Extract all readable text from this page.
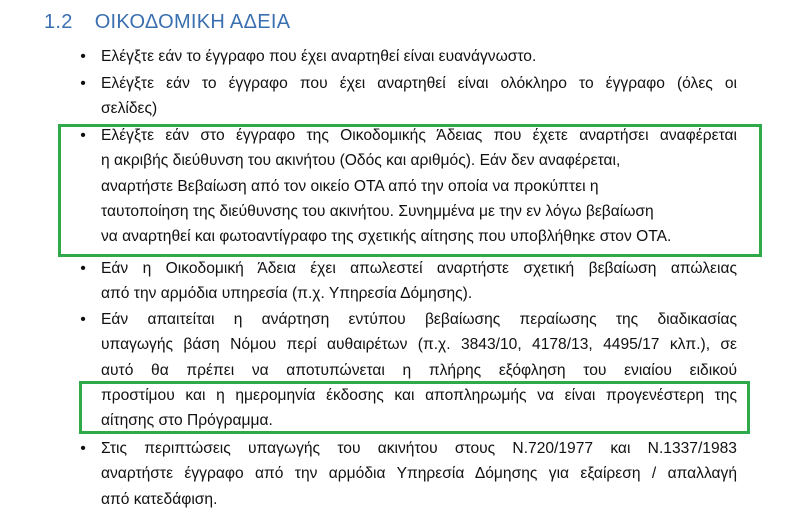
1.2 ΟΙΚΟΔΟΜΙΚΗ ΑΔΕΙΑ
• Ελέγξτε εάν το έγγραφο που έχει αναρτηθεί είναι ευανάγνωστο.
• Ελέγξτε εάν το έγγραφο που έχει αναρτηθεί είναι ολόκληρο το έγγραφο (όλες οι
σελίδες)
• Ελέγξτε εάν στο έγγραφο της Οικοδομικής Άδειας που έχετε αναρτήσει αναφέρεται
η ακριβής διεύθυνση του ακινήτου (Οδός και αριθμός). Εάν δεν αναφέρεται,
αναρτήστε Βεβαίωση από τον οικείο ΟΤΑ από την οποία να προκύπτει η
ταυτοποίηση της διεύθυνσης του ακινήτου. Συνημμένα με την εν λόγω βεβαίωση
να αναρτηθεί και φωτοαντίγραφο της σχετικής αίτησης που υποβλήθηκε στον ΟΤΑ.
• Εάν η Οικοδομική Άδεια έχει απωλεστεί αναρτήστε σχετική βεβαίωση απώλειας
από την αρμόδια υπηρεσία (π.χ. Υπηρεσία Δόμησης).
• Εάν απαιτείται η ανάρτηση εντύπου βεβαίωσης περαίωσης της διαδικασίας
υπαγωγής βάση Νόμου περί αυθαιρέτων (π.χ. 3843/10, 4178/13, 4495/17 κλπ.), σε
αυτό θα πρέπει να αποτυπώνεται η πλήρης εξόφληση του ενιαίου ειδικού
προστίμου και η ημερομηνία έκδοσης και αποπληρωμής να είναι προγενέστερη της
αίτησης στο Πρόγραμμα.
• Στις περιπτώσεις υπαγωγής του ακινήτου στους Ν.720/1977 και Ν.1337/1983
αναρτήστε έγγραφο από την αρμόδια Υπηρεσία Δόμησης για εξαίρεση / απαλλαγή
από κατεδάφιση.
